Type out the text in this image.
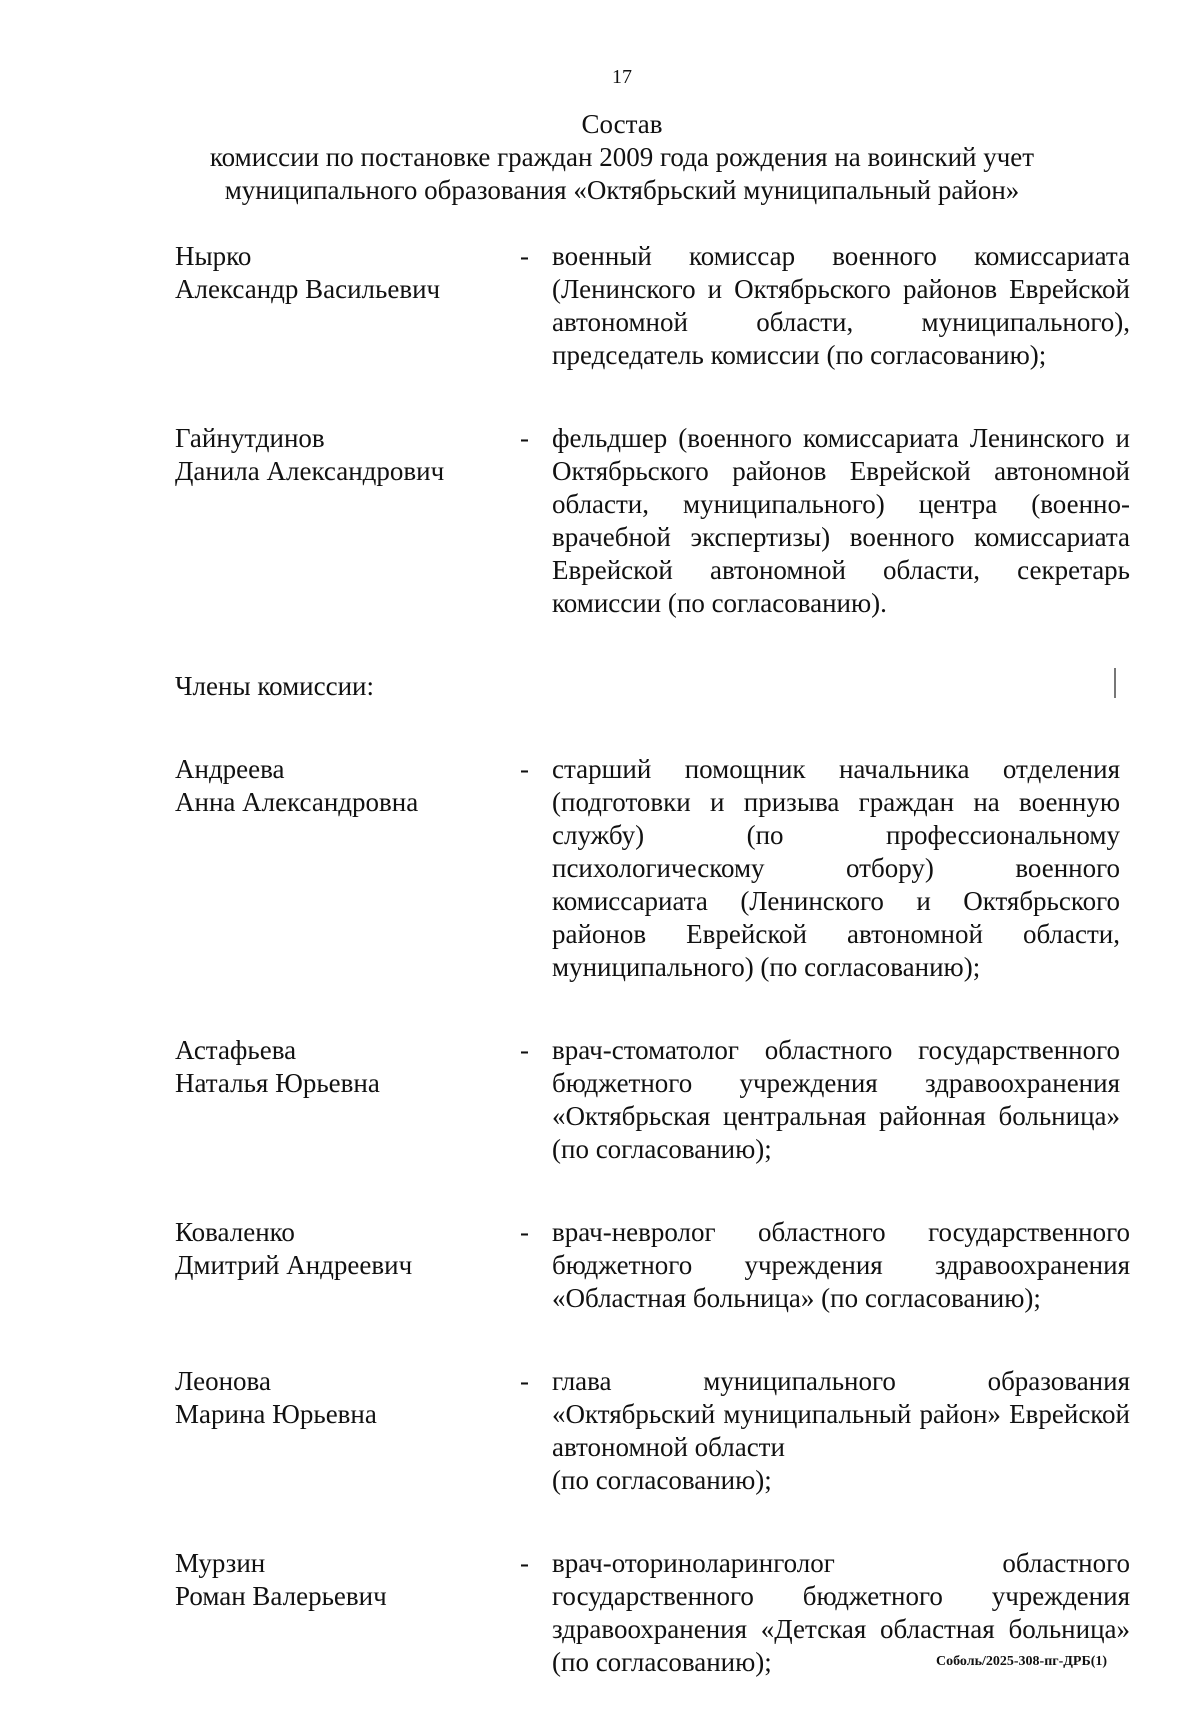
17
Состав
комиссии по постановке граждан 2009 года рождения на воинский учет
муниципального образования «Октябрьский муниципальный район»
Нырко
Александр Васильевич
- военный комиссар военного комиссариата (Ленинского и Октябрьского районов Еврейской автономной области, муниципального), председатель комиссии (по согласованию);
Гайнутдинов
Данила Александрович
- фельдшер (военного комиссариата Ленинского и Октябрьского районов Еврейской автономной области, муниципального) центра (военно-врачебной экспертизы) военного комиссариата Еврейской автономной области, секретарь комиссии (по согласованию).
Члены комиссии:
Андреева
Анна Александровна
- старший помощник начальника отделения (подготовки и призыва граждан на военную службу) (по профессиональному психологическому отбору) военного комиссариата (Ленинского и Октябрьского районов Еврейской автономной области, муниципального) (по согласованию);
Астафьева
Наталья Юрьевна
- врач-стоматолог областного государственного бюджетного учреждения здравоохранения «Октябрьская центральная районная больница» (по согласованию);
Коваленко
Дмитрий Андреевич
- врач-невролог областного государственного бюджетного учреждения здравоохранения «Областная больница» (по согласованию);
Леонова
Марина Юрьевна
- глава муниципального образования «Октябрьский муниципальный район» Еврейской автономной области

(по согласованию);

Мурзин
Роман Валерьевич
- врач-оториноларинголог областного государственного бюджетного учреждения здравоохранения «Детская областная больница» (по согласованию);	Соболь/2025-308-пг-ДРБ(1)
